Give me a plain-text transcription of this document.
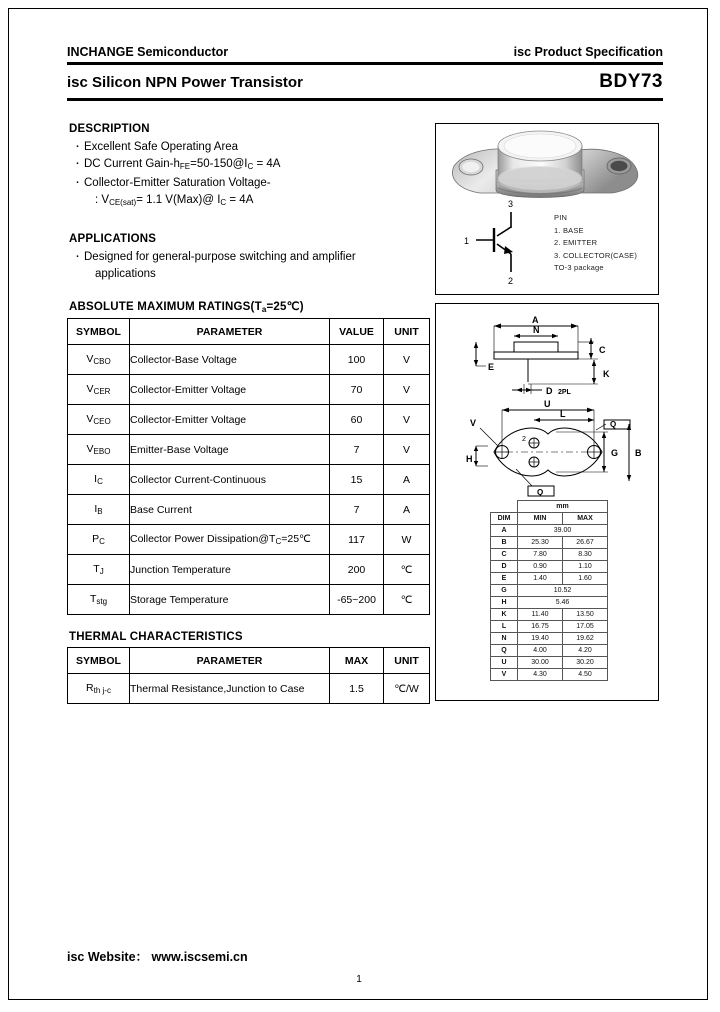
INCHANGE Semiconductor	isc Product Specification
isc Silicon NPN Power Transistor	BDY73
DESCRIPTION
· Excellent Safe Operating Area
· DC Current Gain-$h_{FE}=50-150@I_C = 4A$
· Collector-Emitter Saturation Voltage-
: $V_{CE(sat)}= 1.1$ V(Max)@ $I_C = 4A$
APPLICATIONS
· Designed for general-purpose switching and amplifier
applications
ABSOLUTE MAXIMUM $RATINGS(T_a=25℃)$
SYMBOL	PARAMETER	VALUE	UNIT
$V_{CBO}$	Collector-Base Voltage	100	V
$V_{CER}$	Collector-Emitter Voltage	70	V
$V_{CEO}$	Collector-Emitter Voltage	60	V
$V_{EBO}$	Emitter-Base Voltage	7	V
$I_C$	Collector Current-Continuous	15	A
$I_B$	Base Current	7	A
$P_C$	Collector Power $Dissipation@T_C=25℃$	117	W
$T_J$	Junction Temperature	200	℃
$T_{stg}$	Storage Temperature	-65~200	℃
THERMAL CHARACTERISTICS
SYMBOL	PARAMETER	MAX	UNIT
$R_{th j-c}$	Thermal Resistance,Junction to Case	1.5	℃/W
3
2
1
PIN
1. BASE
2. EMITTER
3. COLLECTOR(CASE)
TO-3 package
A
N
C
E
K
D 2PL
U
L
Q
V
H
G B
Q
2
	mm	
DIM	MIN	MAX
A	39.00	
B	25.30	26.67
C	7.80	8.30
D	0.90	1.10
E	1.40	1.60
G	10.52	
H	5.46	
K	11.40	13.50
L	16.75	17.05
N	19.40	19.62
Q	4.00	4.20
U	30.00	30.20
V	4.30	4.50
isc Website： www.iscsemi.cn
1
